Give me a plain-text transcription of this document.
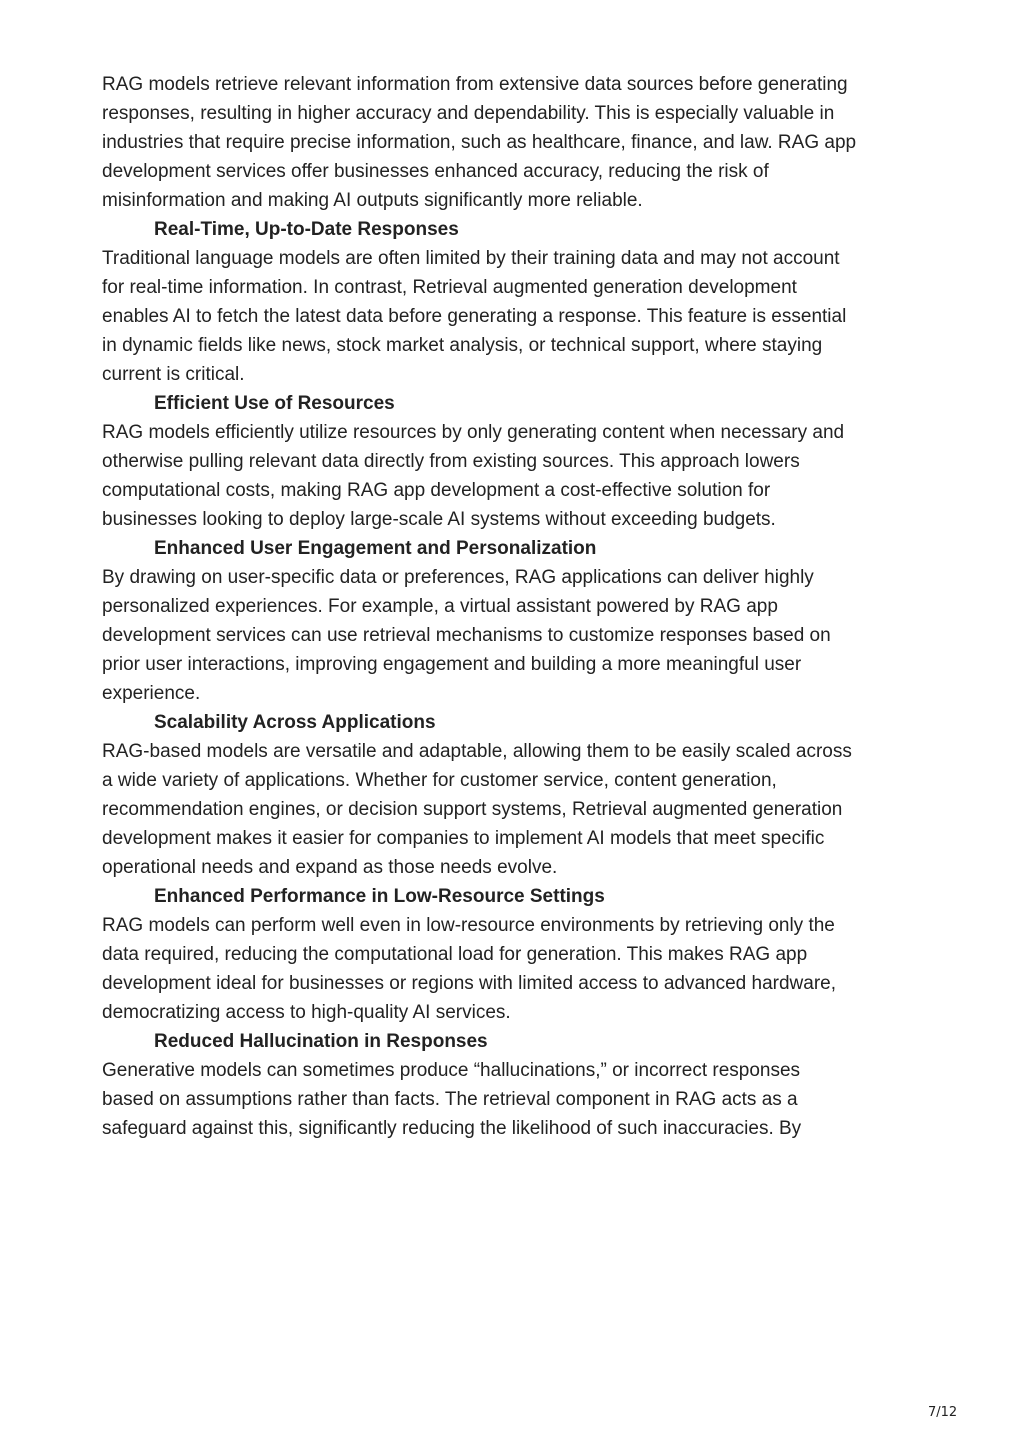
RAG models retrieve relevant information from extensive data sources before generating
responses, resulting in higher accuracy and dependability. This is especially valuable in
industries that require precise information, such as healthcare, finance, and law. RAG app
development services offer businesses enhanced accuracy, reducing the risk of
misinformation and making AI outputs significantly more reliable.

Real-Time, Up-to-Date Responses

Traditional language models are often limited by their training data and may not account
for real-time information. In contrast, Retrieval augmented generation development
enables AI to fetch the latest data before generating a response. This feature is essential
in dynamic fields like news, stock market analysis, or technical support, where staying
current is critical.

Efficient Use of Resources

RAG models efficiently utilize resources by only generating content when necessary and
otherwise pulling relevant data directly from existing sources. This approach lowers
computational costs, making RAG app development a cost-effective solution for
businesses looking to deploy large-scale AI systems without exceeding budgets.

Enhanced User Engagement and Personalization

By drawing on user-specific data or preferences, RAG applications can deliver highly
personalized experiences. For example, a virtual assistant powered by RAG app
development services can use retrieval mechanisms to customize responses based on
prior user interactions, improving engagement and building a more meaningful user
experience.

Scalability Across Applications

RAG-based models are versatile and adaptable, allowing them to be easily scaled across
a wide variety of applications. Whether for customer service, content generation,
recommendation engines, or decision support systems, Retrieval augmented generation
development makes it easier for companies to implement AI models that meet specific
operational needs and expand as those needs evolve.

Enhanced Performance in Low-Resource Settings

RAG models can perform well even in low-resource environments by retrieving only the
data required, reducing the computational load for generation. This makes RAG app
development ideal for businesses or regions with limited access to advanced hardware,
democratizing access to high-quality AI services.

Reduced Hallucination in Responses

Generative models can sometimes produce “hallucinations,” or incorrect responses
based on assumptions rather than facts. The retrieval component in RAG acts as a
safeguard against this, significantly reducing the likelihood of such inaccuracies. By

7/12
